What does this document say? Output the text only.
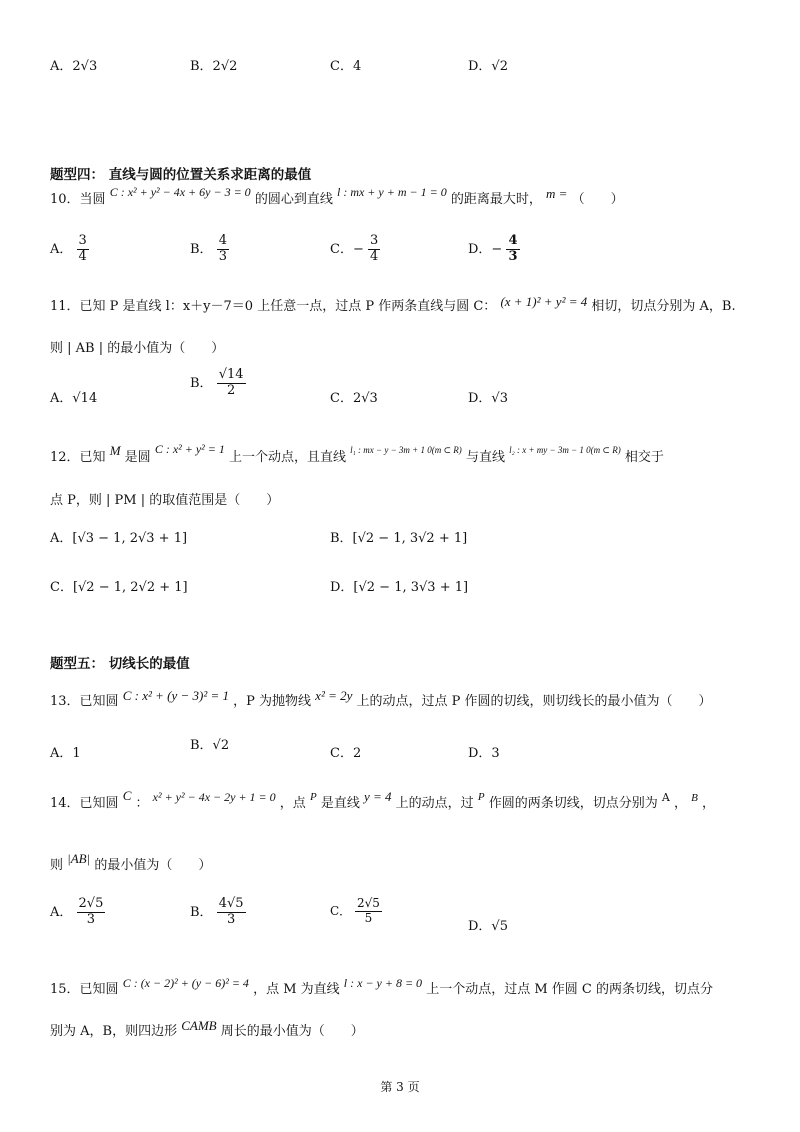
A．2√3	B．2√2	C．4	D．√2
题型四： 直线与圆的位置关系求距离的最值
10．当圆 C : x² + y² − 4x + 6y − 3 = 0 的圆心到直线 l : mx + y + m − 1 = 0 的距离最大时， m = （　　）
A． $\frac{3}{4}$	B． $\frac{4}{3}$	C．− $\frac{3}{4}$	D．− $\frac{4}{3}$
11．已知 P 是直线 l：x＋y－7＝0 上任意一点，过点 P 作两条直线与圆 C： (x + 1)² + y² = 4 相切，切点分别为 A，B.
则 | AB | 的最小值为（　　）
A．√14
B． $\frac{√14}{2}$	C．2√3	D．√3
12．已知 M 是圆 C : x² + y² = 1 上一个动点，且直线 $^{l_1 : mx - y - 3m + 1 0(m \subset R)}$ 与直线 $^{l_2 : x + my - 3m - 1 0(m \subset R)}$ 相交于
点 P，则 | PM | 的取值范围是（　　）
A．[√3 − 1, 2√3 + 1]	B．[√2 − 1, 3√2 + 1]
C．[√2 − 1, 2√2 + 1]	D．[√2 − 1, 3√3 + 1]
题型五： 切线长的最值
13．已知圆 C : x² + (y − 3)² = 1 ，P 为抛物线 x² = 2y 上的动点，过点 P 作圆的切线，则切线长的最小值为（　　）
A．1
B．√2
C．2	D．3
14．已知圆 C ： x² + y² − 4x − 2y + 1 = 0 ，点 $^P$ 是直线 y = 4 上的动点，过 $^P$ 作圆的两条切线，切点分别为 $^A$ ， $^B$ ，
则 |AB| 的最小值为（　　）
A． $\frac{2√5}{3}$	B． $\frac{4√5}{3}$	C． $\frac{2√5}{5}$
D．√5
15．已知圆 C : (x − 2)² + (y − 6)² = 4 ，点 M 为直线 l : x − y + 8 = 0 上一个动点，过点 M 作圆 C 的两条切线，切点分
别为 A，B，则四边形 CAMB 周长的最小值为（　　）
第 3 页
